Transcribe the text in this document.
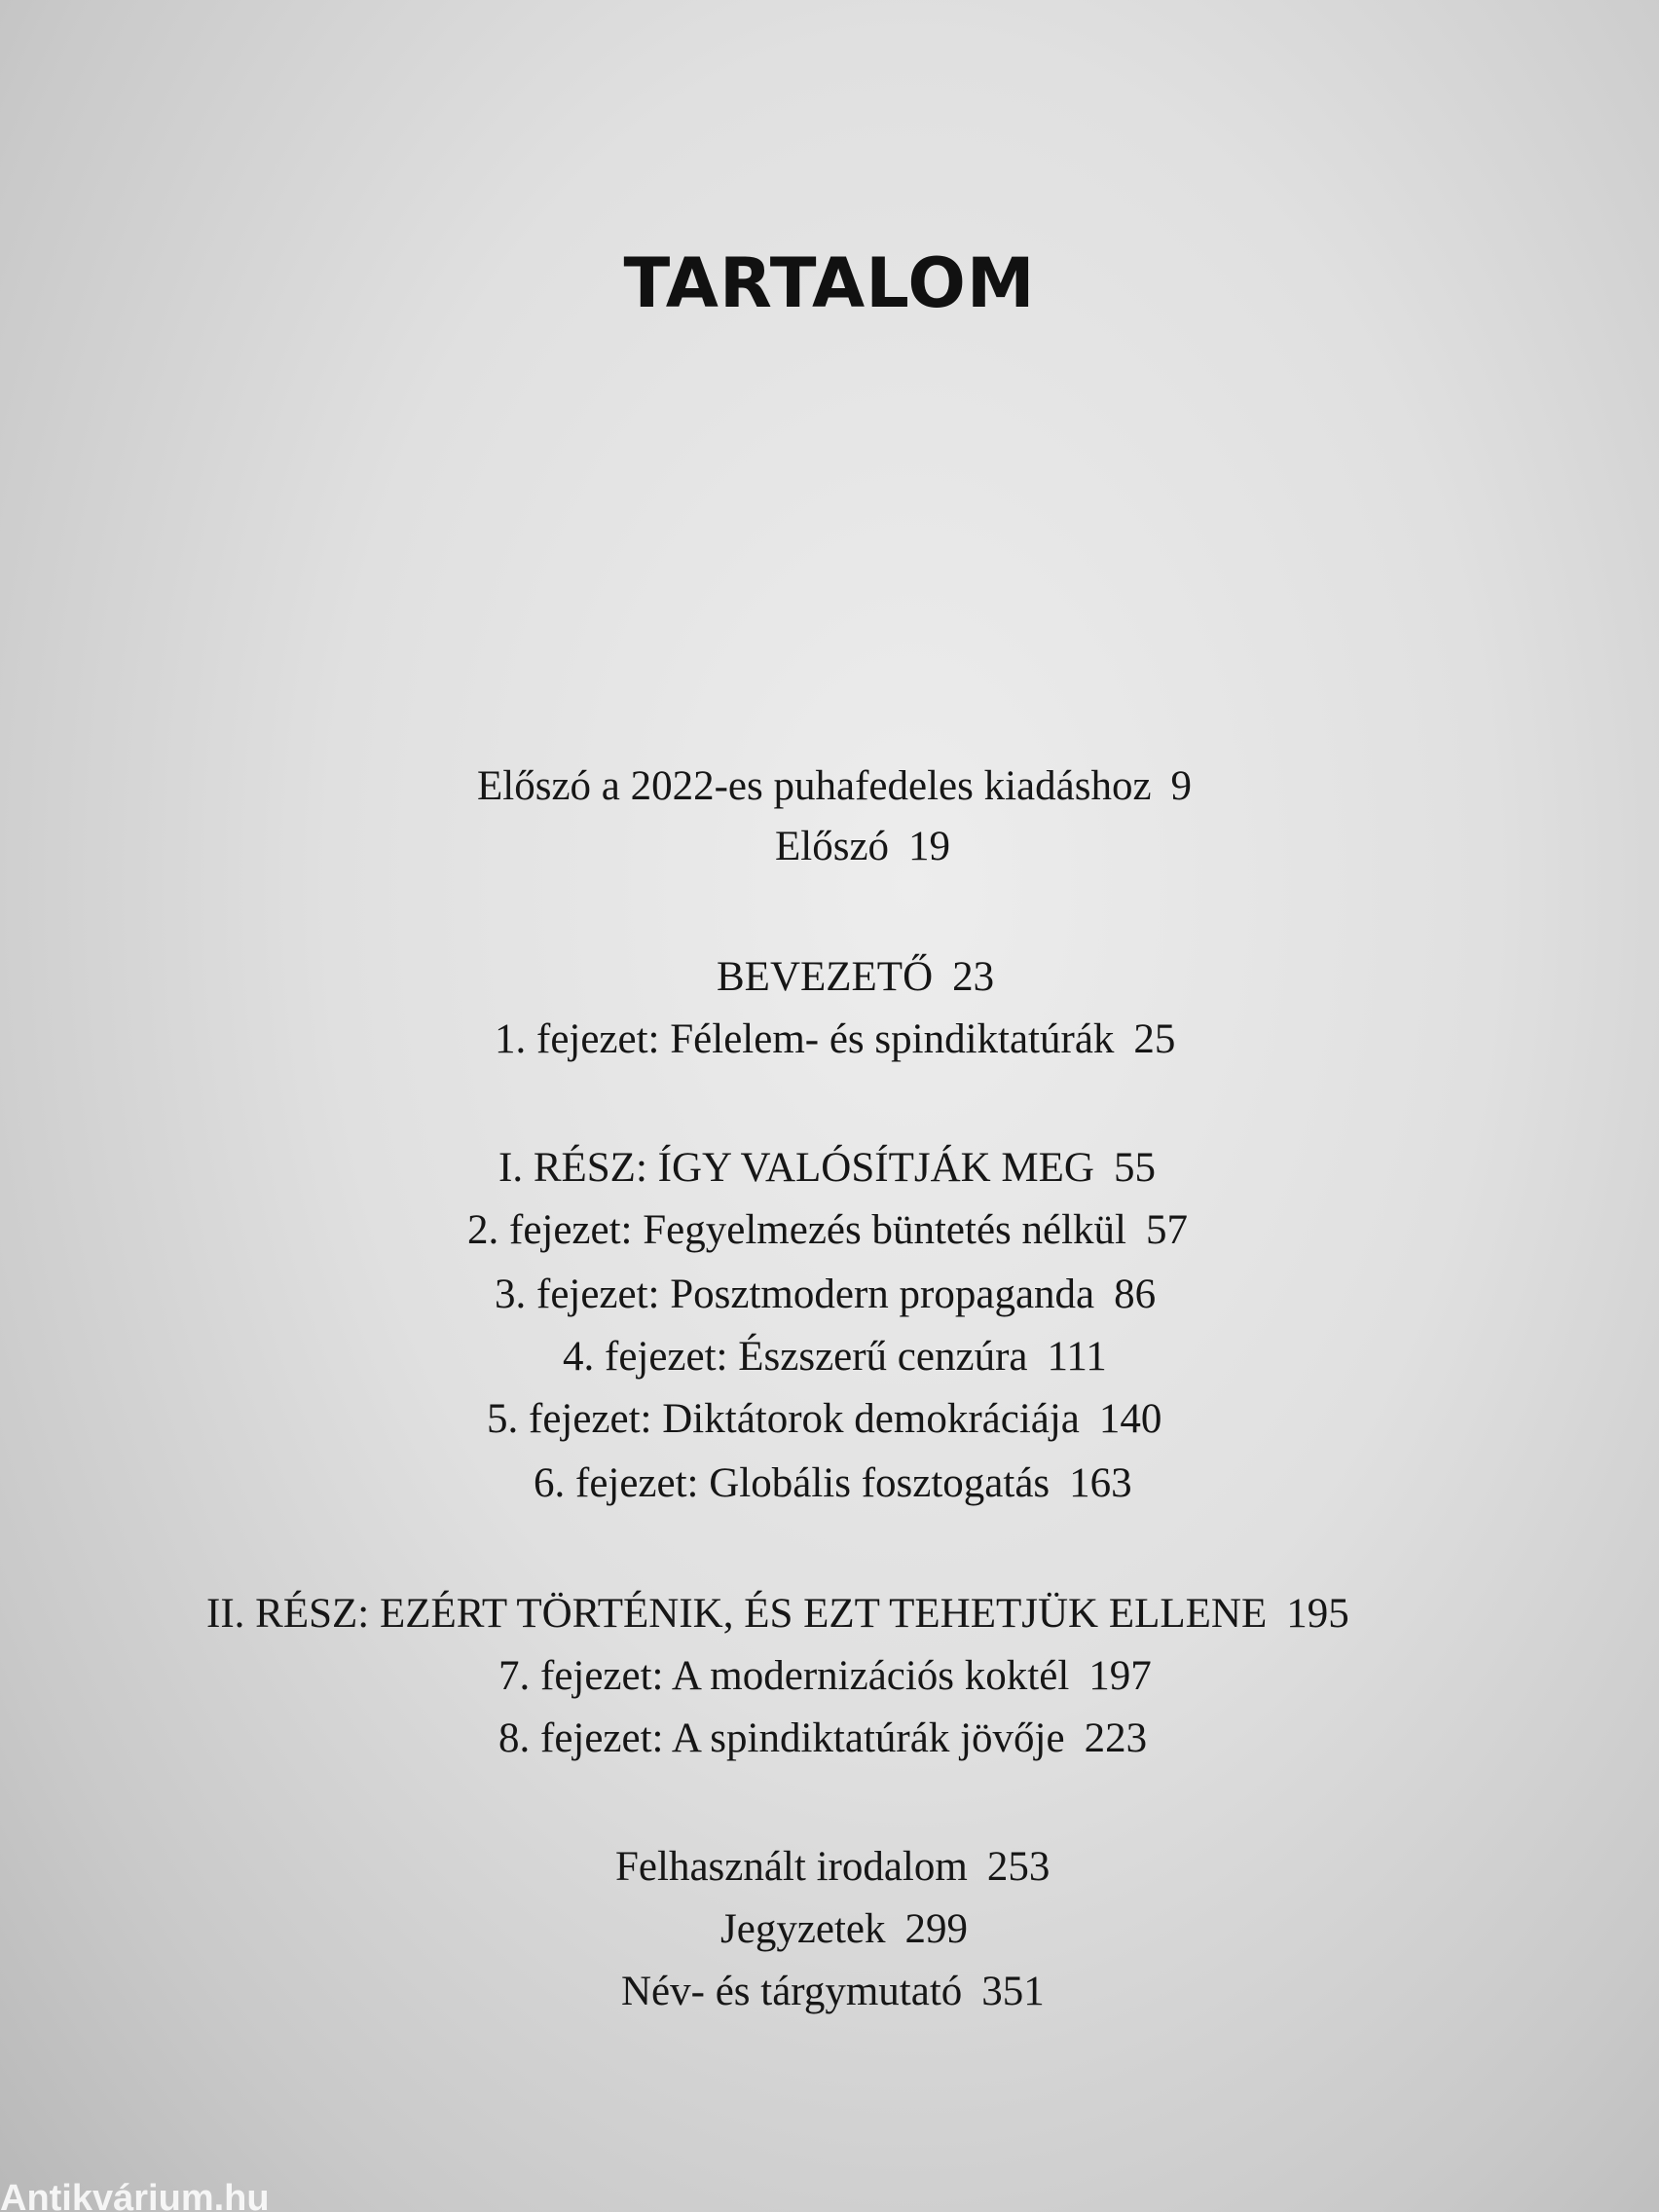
TARTALOM
Előszó a 2022-es puhafedeles kiadáshoz 9
Előszó 19
BEVEZETŐ 23
1. fejezet: Félelem- és spindiktatúrák 25
I. RÉSZ: ÍGY VALÓSÍTJÁK MEG 55
2. fejezet: Fegyelmezés büntetés nélkül 57
3. fejezet: Posztmodern propaganda 86
4. fejezet: Észszerű cenzúra 111
5. fejezet: Diktátorok demokráciája 140
6. fejezet: Globális fosztogatás 163
II. RÉSZ: EZÉRT TÖRTÉNIK, ÉS EZT TEHETJÜK ELLENE 195
7. fejezet: A modernizációs koktél 197
8. fejezet: A spindiktatúrák jövője 223
Felhasznált irodalom 253
Jegyzetek 299
Név- és tárgymutató 351
Antikvárium.hu
